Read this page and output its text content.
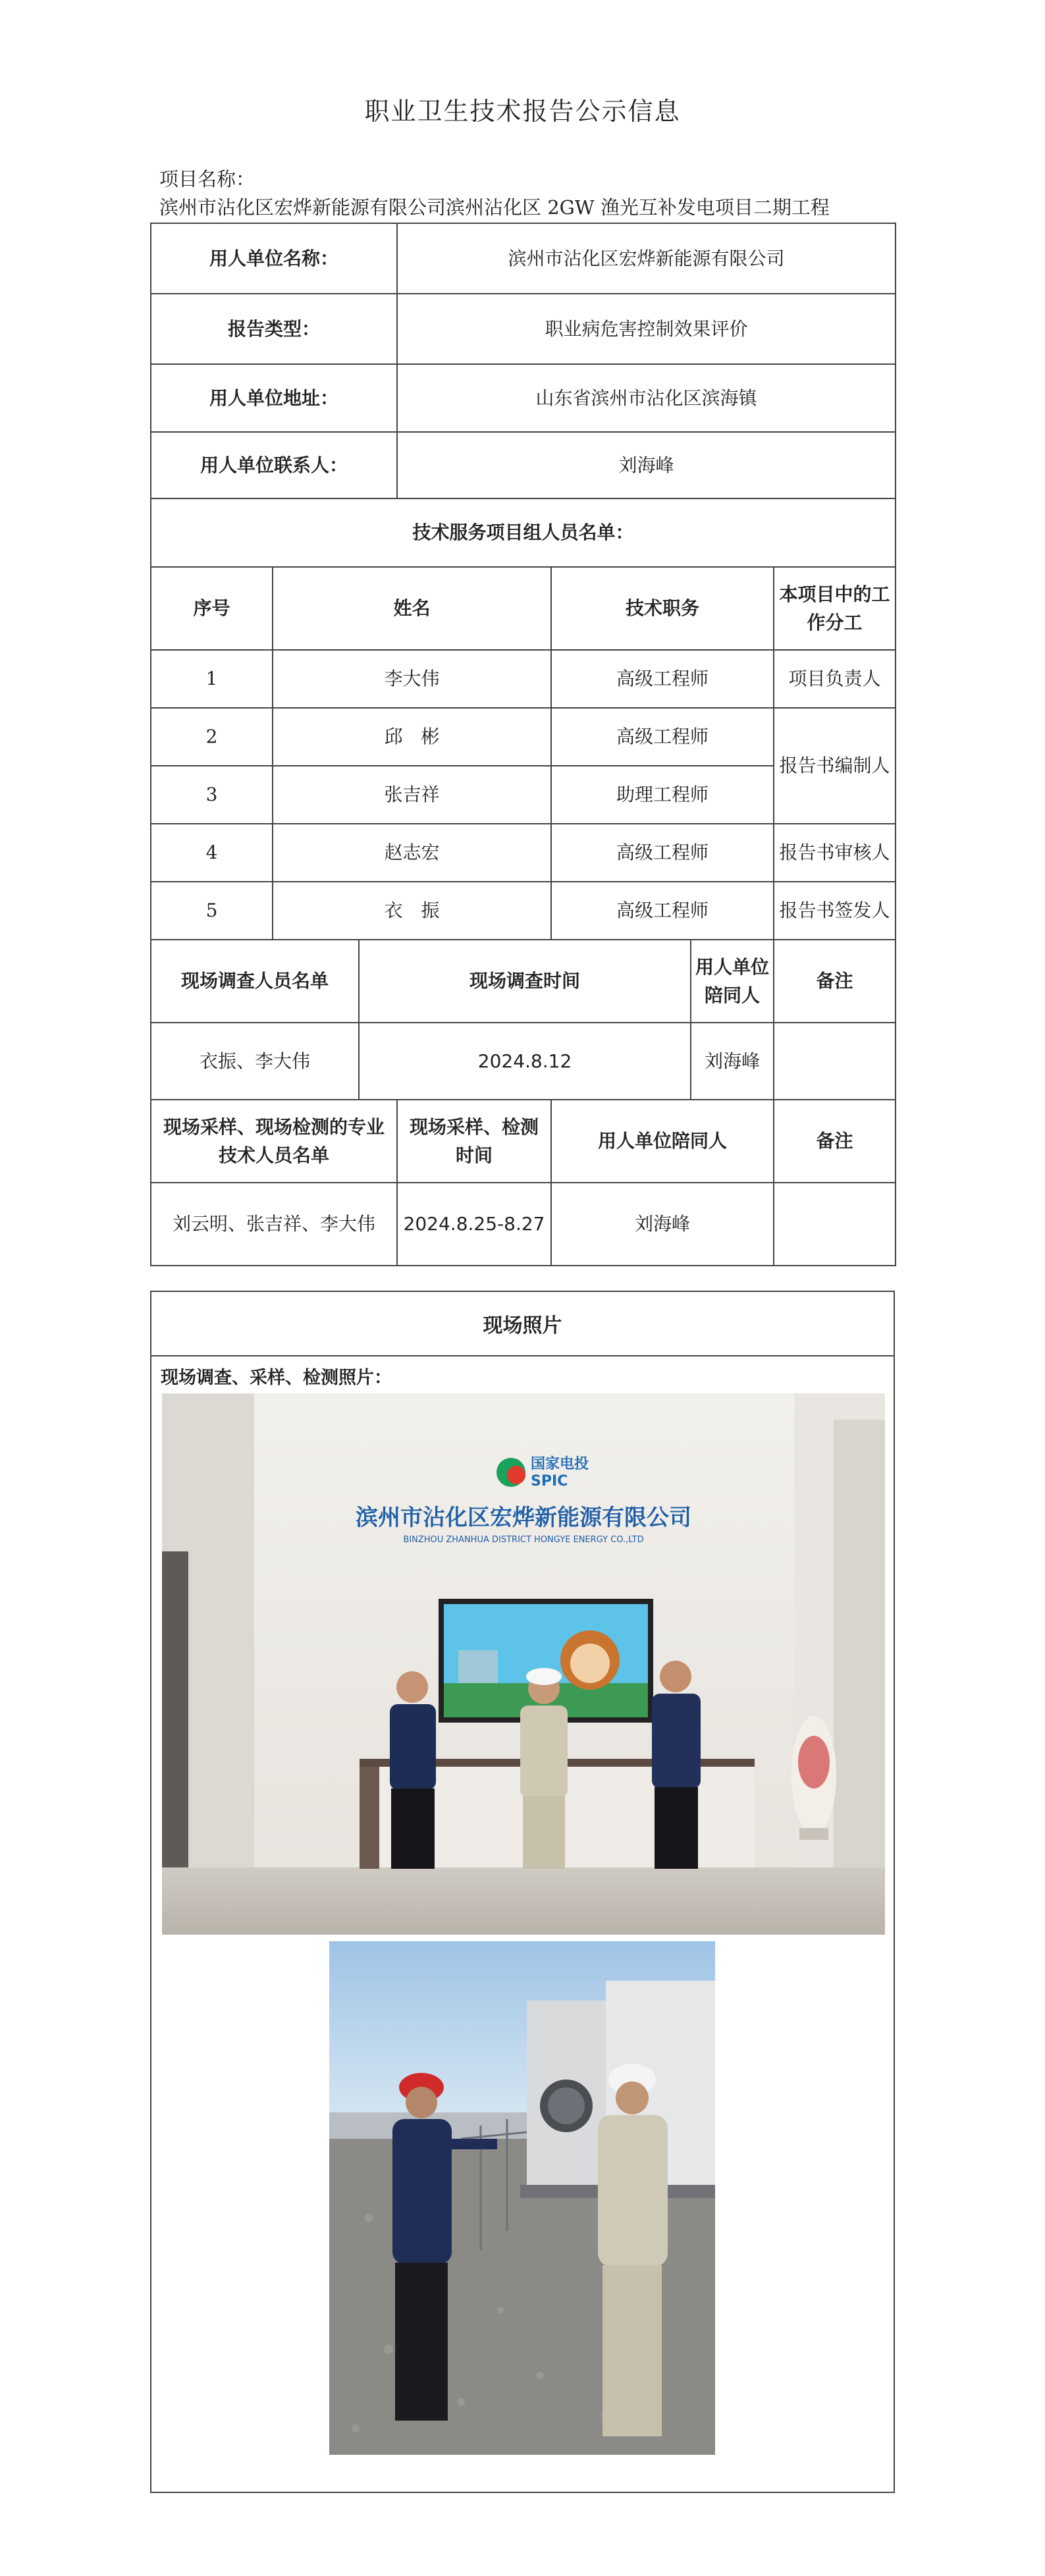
职业卫生技术报告公示信息
项目名称：
滨州市沾化区宏烨新能源有限公司滨州沾化区 2GW 渔光互补发电项目二期工程
用人单位名称：			滨州市沾化区宏烨新能源有限公司			
报告类型：			职业病危害控制效果评价			
用人单位地址：			山东省滨州市沾化区滨海镇			
用人单位联系人：			刘海峰			
技术服务项目组人员名单：						
序号	姓名			技术职务		本项目中的工作分工
1	李大伟			高级工程师		项目负责人
2	邱　彬			高级工程师		报告书编制人
3	张吉祥			助理工程师		
4	赵志宏			高级工程师		报告书审核人
5	衣　振			高级工程师		报告书签发人
现场调查人员名单		现场调查时间			用人单位陪同人	备注
衣振、李大伟		2024.8.12			刘海峰	
现场采样、现场检测的专业技术人员名单			现场采样、检测时间	用人单位陪同人		备注
刘云明、张吉祥、李大伟			2024.8.25-8.27	刘海峰		
现场照片
现场调查、采样、检测照片：
国家电投
SPIC
滨州市沾化区宏烨新能源有限公司
BINZHOU ZHANHUA DISTRICT HONGYE ENERGY CO.,LTD
